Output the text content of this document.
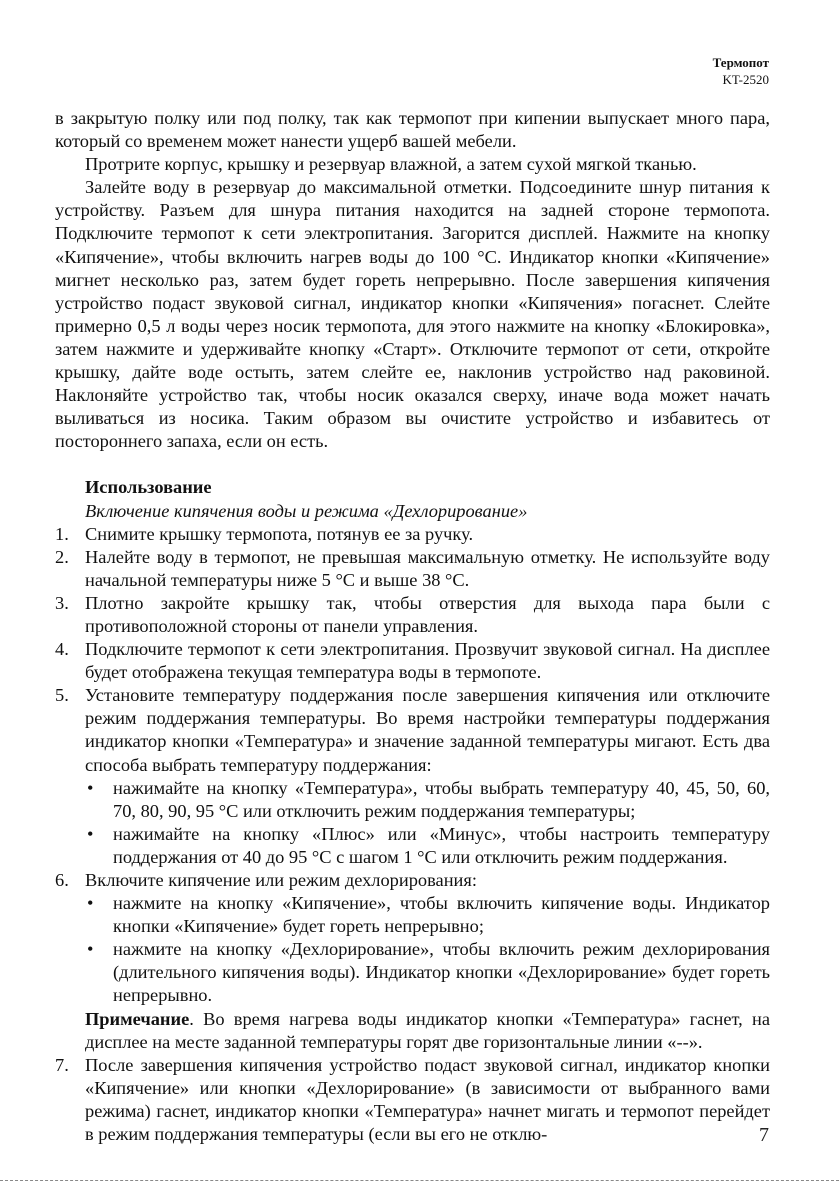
Термопот
KT-2520

в закрытую полку или под полку, так как термопот при кипении выпускает много пара, который со временем может нанести ущерб вашей мебели.

Протрите корпус, крышку и резервуар влажной, а затем сухой мягкой тканью.

Залейте воду в резервуар до максимальной отметки. Подсоедините шнур питания к устройству. Разъем для шнура питания находится на задней стороне термопота. Подключите термопот к сети электропитания. Загорится дисплей. Нажмите на кнопку «Кипячение», чтобы включить нагрев воды до 100 °С. Индикатор кнопки «Кипячение» мигнет несколько раз, затем будет гореть непрерывно. После завершения кипячения устройство подаст звуковой сигнал, индикатор кнопки «Кипячения» погаснет. Слейте примерно 0,5 л воды через носик термопота, для этого нажмите на кнопку «Блокировка», затем нажмите и удерживайте кнопку «Старт». Отключите термопот от сети, откройте крышку, дайте воде остыть, затем слейте ее, наклонив устройство над раковиной. Наклоняйте устройство так, чтобы носик оказался сверху, иначе вода может начать выливаться из носика. Таким образом вы очистите устройство и избавитесь от постороннего запаха, если он есть.

Использование

Включение кипячения воды и режима «Дехлорирование»

1. Снимите крышку термопота, потянув ее за ручку.

2. Налейте воду в термопот, не превышая максимальную отметку. Не используйте воду начальной температуры ниже 5 °С и выше 38 °С.

3. Плотно закройте крышку так, чтобы отверстия для выхода пара были с противоположной стороны от панели управления.

4. Подключите термопот к сети электропитания. Прозвучит звуковой сигнал. На дисплее будет отображена текущая температура воды в термопоте.

5. Установите температуру поддержания после завершения кипячения или отключите режим поддержания температуры. Во время настройки температуры поддержания индикатор кнопки «Температура» и значение заданной температуры мигают. Есть два способа выбрать температуру поддержания:

• нажимайте на кнопку «Температура», чтобы выбрать температуру 40, 45, 50, 60, 70, 80, 90, 95 °С или отключить режим поддержания температуры;

• нажимайте на кнопку «Плюс» или «Минус», чтобы настроить температуру поддержания от 40 до 95 °С с шагом 1 °С или отключить режим поддержания.

6. Включите кипячение или режим дехлорирования:

• нажмите на кнопку «Кипячение», чтобы включить кипячение воды. Индикатор кнопки «Кипячение» будет гореть непрерывно;

• нажмите на кнопку «Дехлорирование», чтобы включить режим дехлорирования (длительного кипячения воды). Индикатор кнопки «Дехлорирование» будет гореть непрерывно.

Примечание. Во время нагрева воды индикатор кнопки «Температура» гаснет, на дисплее на месте заданной температуры горят две горизонтальные линии «--».

7. После завершения кипячения устройство подаст звуковой сигнал, индикатор кнопки «Кипячение» или кнопки «Дехлорирование» (в зависимости от выбранного вами режима) гаснет, индикатор кнопки «Температура» начнет мигать и термопот перейдет в режим поддержания температуры (если вы его не отклю-	7
